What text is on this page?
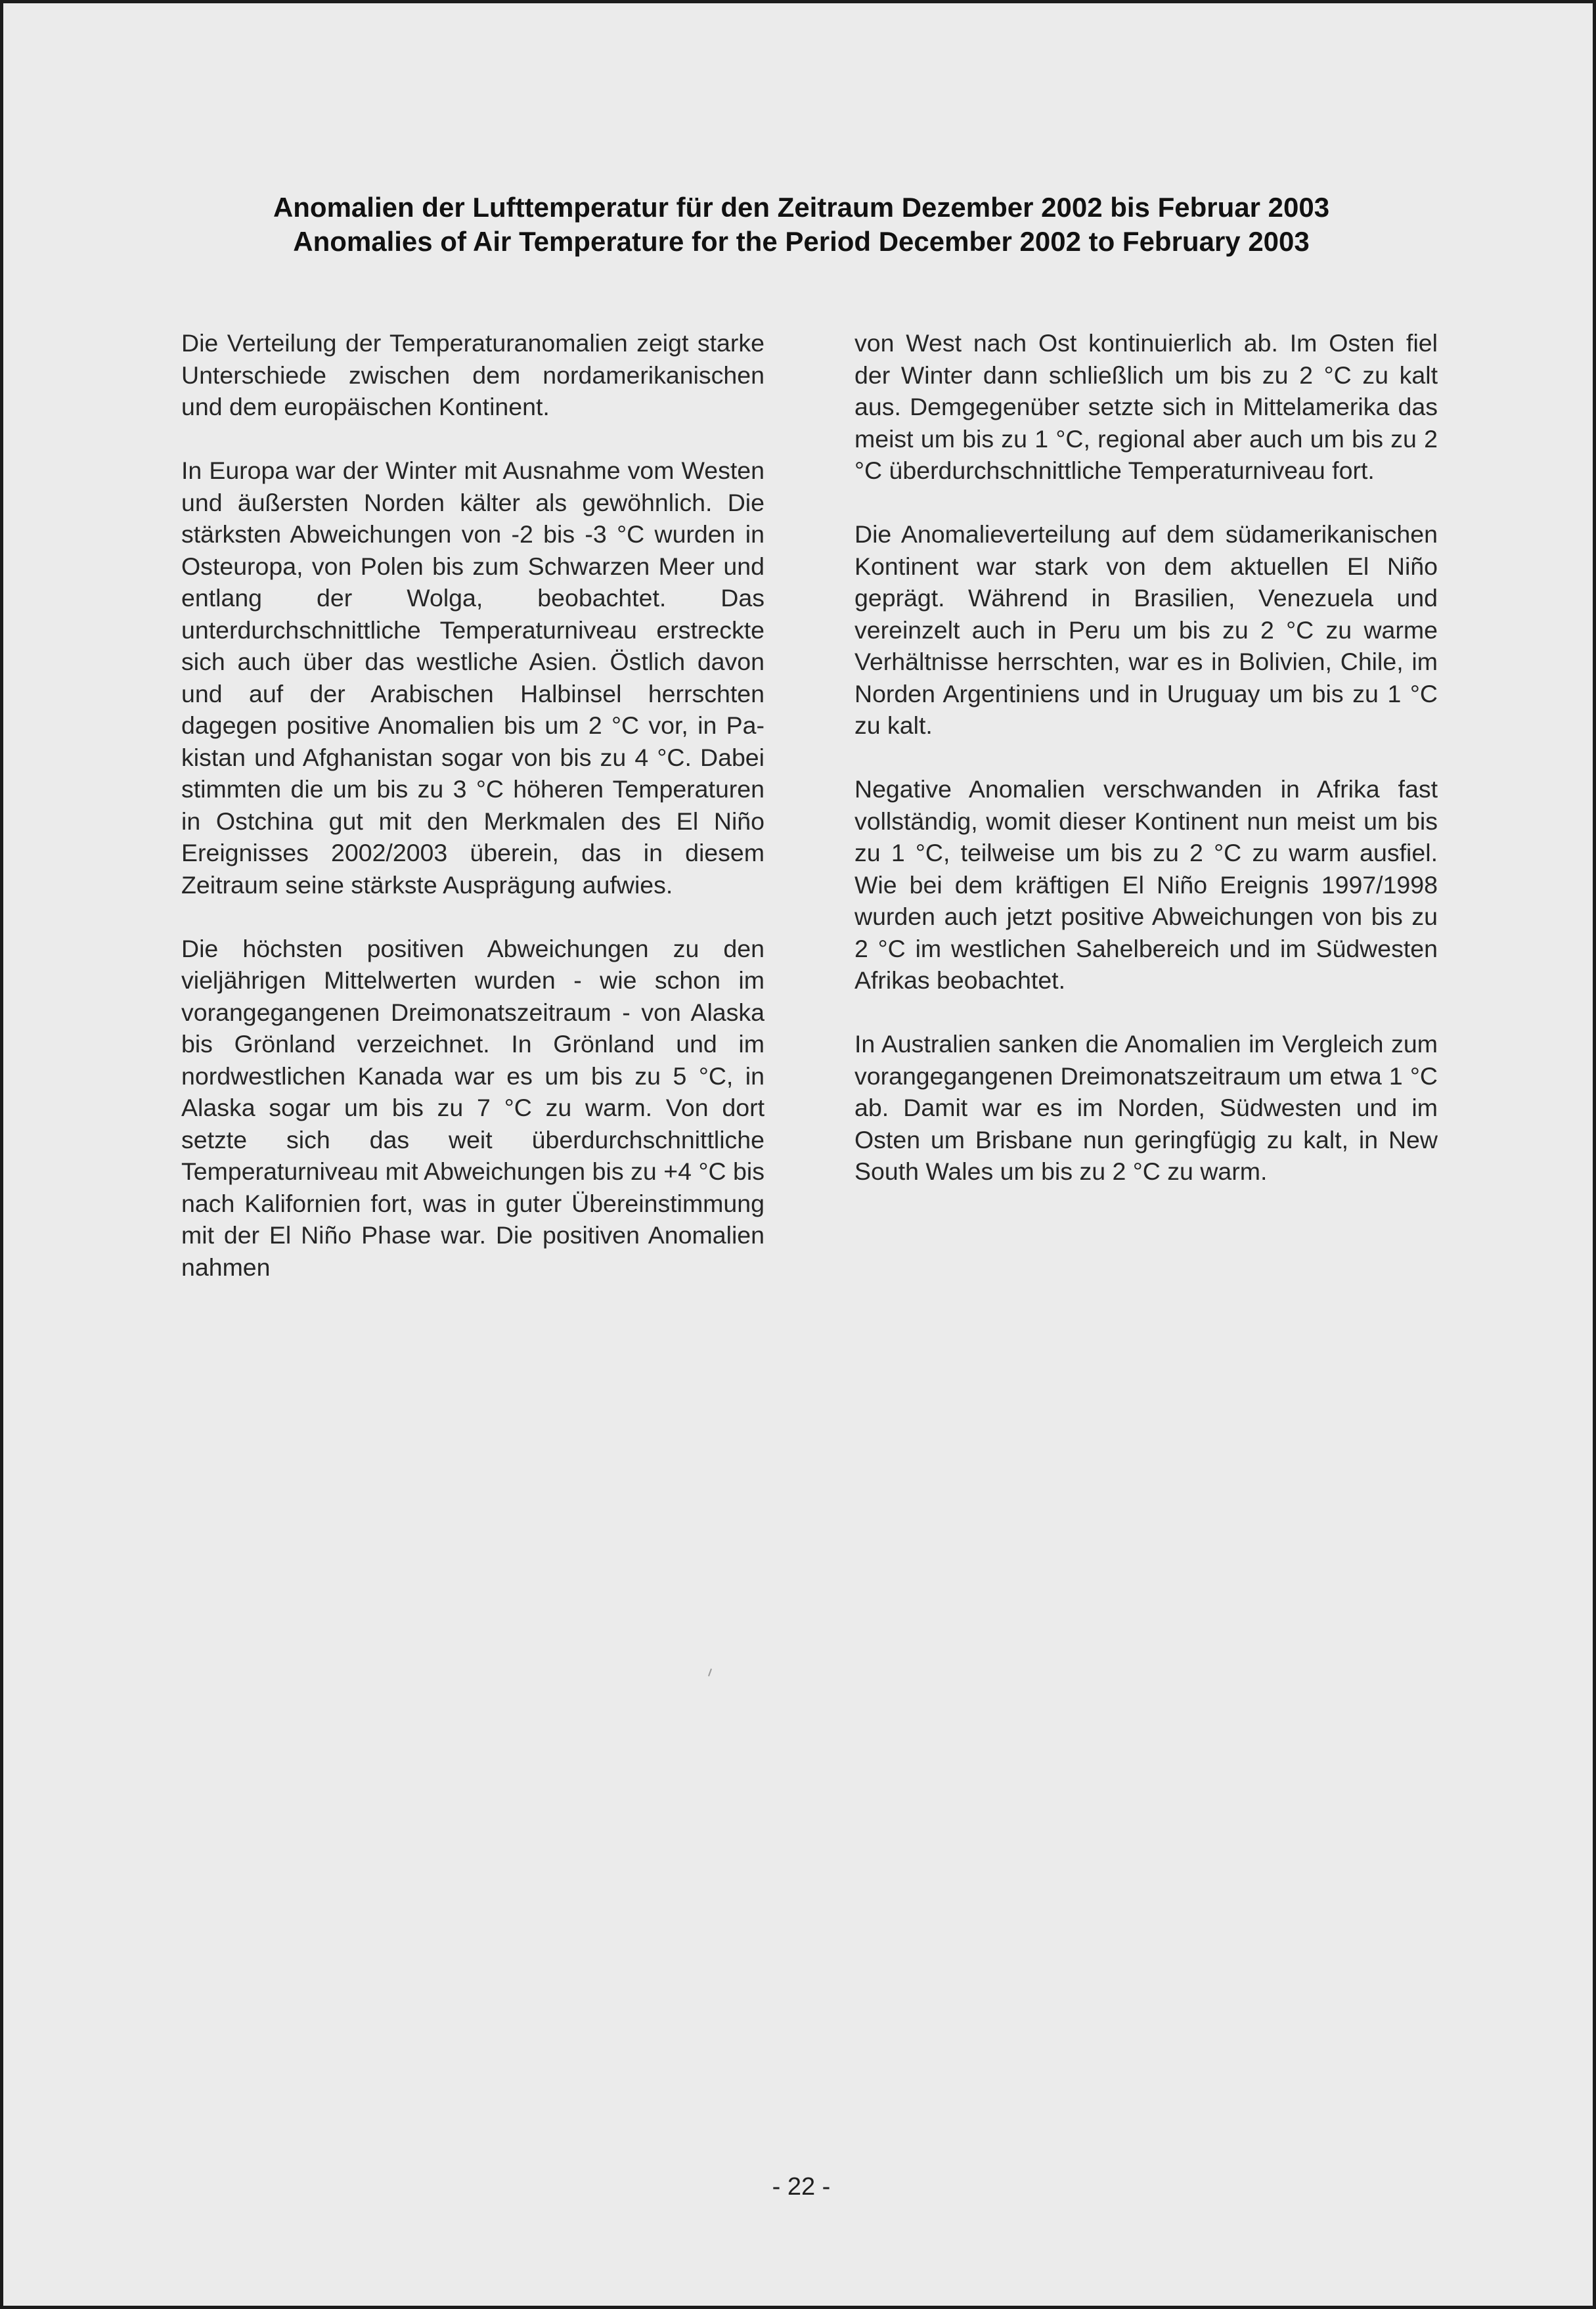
Anomalien der Lufttemperatur für den Zeitraum Dezember 2002 bis Februar 2003
Anomalies of Air Temperature for the Period December 2002 to February 2003

Die Verteilung der Temperaturanomalien zeigt starke Unterschiede zwischen dem nordamerikanischen und dem europäischen Kontinent.

In Europa war der Winter mit Ausnahme vom Westen und äußersten Norden kälter als gewöhnlich. Die stärksten Abweichungen von -2 bis -3 °C wurden in Osteuropa, von Polen bis zum Schwarzen Meer und entlang der Wolga, beobachtet. Das unterdurchschnittliche Temperaturniveau erstreckte sich auch über das westliche Asien. Östlich davon und auf der Arabischen Halbinsel herrschten dagegen positive Anomalien bis um 2 °C vor, in Pakistan und Afghanistan sogar von bis zu 4 °C. Dabei stimmten die um bis zu 3 °C höheren Temperaturen in Ostchina gut mit den Merkmalen des El Niño Ereignisses 2002/2003 überein, das in diesem Zeitraum seine stärkste Ausprägung aufwies.

Die höchsten positiven Abweichungen zu den vieljährigen Mittelwerten wurden - wie schon im vorangegangenen Dreimonatszeitraum - von Alaska bis Grönland verzeichnet. In Grönland und im nordwestlichen Kanada war es um bis zu 5 °C, in Alaska sogar um bis zu 7 °C zu warm. Von dort setzte sich das weit überdurchschnittliche Temperaturniveau mit Abweichungen bis zu +4 °C bis nach Kalifornien fort, was in guter Übereinstimmung mit der El Niño Phase war. Die positiven Anomalien nahmen

von West nach Ost kontinuierlich ab. Im Osten fiel der Winter dann schließlich um bis zu 2 °C zu kalt aus. Demgegenüber setzte sich in Mittelamerika das meist um bis zu 1 °C, regional aber auch um bis zu 2 °C überdurchschnittliche Temperaturniveau fort.

Die Anomalieverteilung auf dem südamerikanischen Kontinent war stark von dem aktuellen El Niño geprägt. Während in Brasilien, Venezuela und vereinzelt auch in Peru um bis zu 2 °C zu warme Verhältnisse herrschten, war es in Bolivien, Chile, im Norden Argentiniens und in Uruguay um bis zu 1 °C zu kalt.

Negative Anomalien verschwanden in Afrika fast vollständig, womit dieser Kontinent nun meist um bis zu 1 °C, teilweise um bis zu 2 °C zu warm ausfiel. Wie bei dem kräftigen El Niño Ereignis 1997/1998 wurden auch jetzt positive Abweichungen von bis zu 2 °C im westlichen Sahelbereich und im Südwesten Afrikas beobachtet.

In Australien sanken die Anomalien im Vergleich zum vorangegangenen Dreimonatszeitraum um etwa 1 °C ab. Damit war es im Norden, Südwesten und im Osten um Brisbane nun geringfügig zu kalt, in New South Wales um bis zu 2 °C zu warm.

- 22 -
